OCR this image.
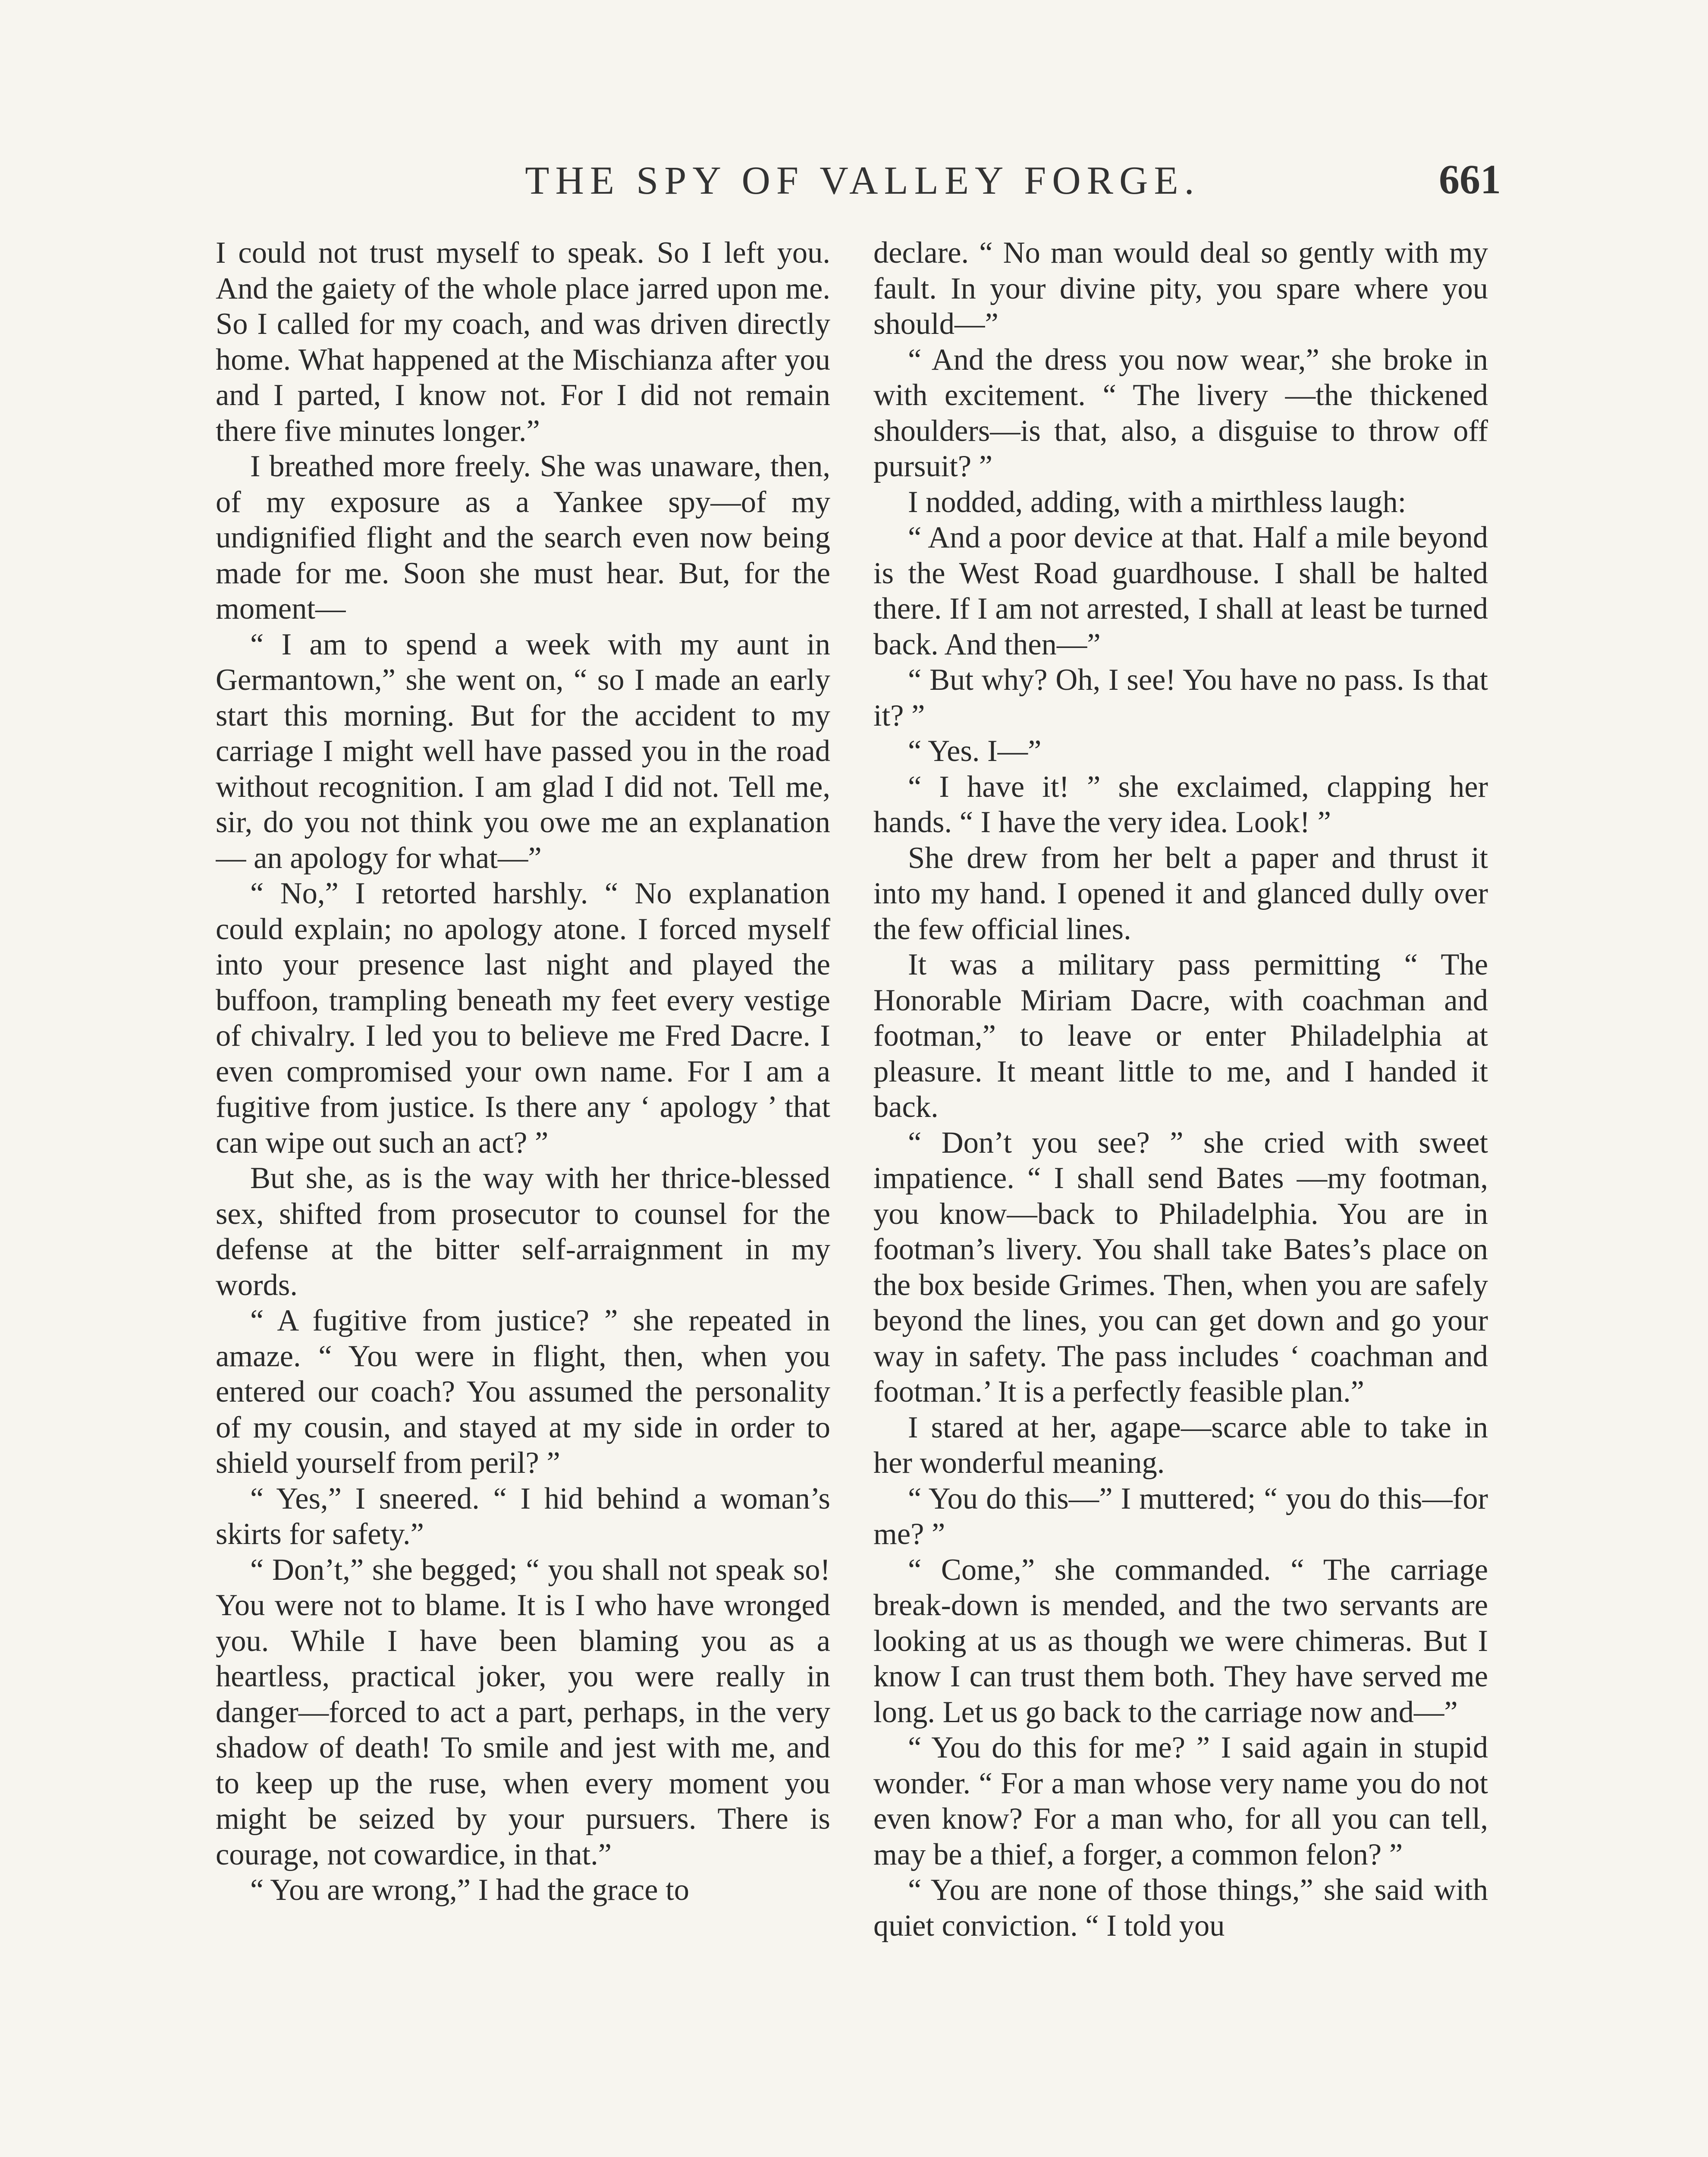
THE SPY OF VALLEY FORGE.	661

I could not trust myself to speak. So I left you. And the gaiety of the whole place jarred upon me. So I called for my coach, and was driven directly home. What happened at the Mischianza after you and I parted, I know not. For I did not remain there five minutes longer.”

I breathed more freely. She was unaware, then, of my exposure as a Yankee spy—of my undignified flight and the search even now being made for me. Soon she must hear. But, for the moment—

“ I am to spend a week with my aunt in Germantown,” she went on, “ so I made an early start this morning. But for the accident to my carriage I might well have passed you in the road without recognition. I am glad I did not. Tell me, sir, do you not think you owe me an explanation — an apology for what—”

“ No,” I retorted harshly. “ No explanation could explain; no apology atone. I forced myself into your presence last night and played the buffoon, trampling beneath my feet every vestige of chivalry. I led you to believe me Fred Dacre. I even compromised your own name. For I am a fugitive from justice. Is there any ‘ apology ’ that can wipe out such an act? ”

But she, as is the way with her thrice-blessed sex, shifted from prosecutor to counsel for the defense at the bitter self-arraignment in my words.

“ A fugitive from justice? ” she repeated in amaze. “ You were in flight, then, when you entered our coach? You assumed the personality of my cousin, and stayed at my side in order to shield yourself from peril? ”

“ Yes,” I sneered. “ I hid behind a woman’s skirts for safety.”

“ Don’t,” she begged; “ you shall not speak so! You were not to blame. It is I who have wronged you. While I have been blaming you as a heartless, practical joker, you were really in danger—forced to act a part, perhaps, in the very shadow of death! To smile and jest with me, and to keep up the ruse, when every moment you might be seized by your pursuers. There is courage, not cowardice, in that.”

“ You are wrong,” I had the grace to

declare. “ No man would deal so gently with my fault. In your divine pity, you spare where you should—”

“ And the dress you now wear,” she broke in with excitement. “ The livery —the thickened shoulders—is that, also, a disguise to throw off pursuit? ”

I nodded, adding, with a mirthless laugh:

“ And a poor device at that. Half a mile beyond is the West Road guardhouse. I shall be halted there. If I am not arrested, I shall at least be turned back. And then—”

“ But why? Oh, I see! You have no pass. Is that it? ”

“ Yes. I—”

“ I have it! ” she exclaimed, clapping her hands. “ I have the very idea. Look! ”

She drew from her belt a paper and thrust it into my hand. I opened it and glanced dully over the few official lines.

It was a military pass permitting “ The Honorable Miriam Dacre, with coachman and footman,” to leave or enter Philadelphia at pleasure. It meant little to me, and I handed it back.

“ Don’t you see? ” she cried with sweet impatience. “ I shall send Bates —my footman, you know—back to Philadelphia. You are in footman’s livery. You shall take Bates’s place on the box beside Grimes. Then, when you are safely beyond the lines, you can get down and go your way in safety. The pass includes ‘ coachman and footman.’ It is a perfectly feasible plan.”

I stared at her, agape—scarce able to take in her wonderful meaning.

“ You do this—” I muttered; “ you do this—for me? ”

“ Come,” she commanded. “ The carriage break-down is mended, and the two servants are looking at us as though we were chimeras. But I know I can trust them both. They have served me long. Let us go back to the carriage now and—”

“ You do this for me? ” I said again in stupid wonder. “ For a man whose very name you do not even know? For a man who, for all you can tell, may be a thief, a forger, a common felon? ”

“ You are none of those things,” she said with quiet conviction. “ I told you
